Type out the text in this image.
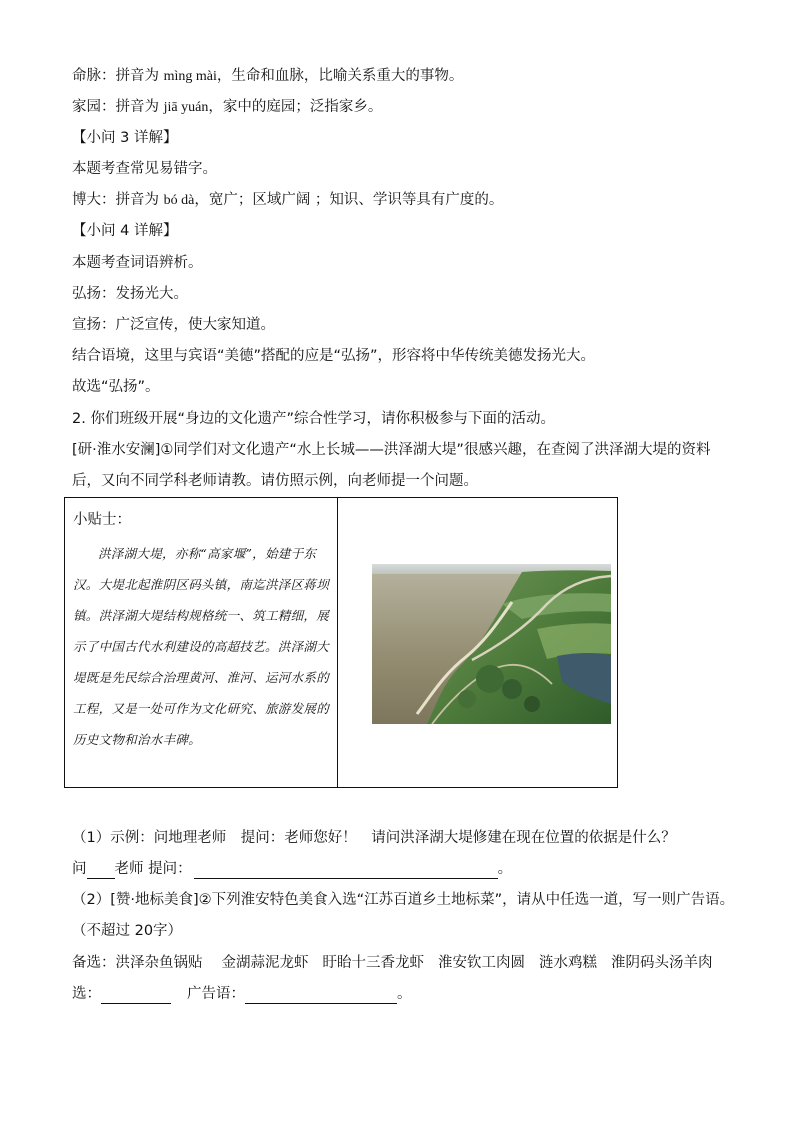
命脉：拼音为 mìng mài，生命和血脉，比喻关系重大的事物。
家园：拼音为 jiā yuán，家中的庭园；泛指家乡。
【小问 3 详解】
本题考查常见易错字。
博大：拼音为 bó dà，宽广；区域广阔 ；知识、学识等具有广度的。
【小问 4 详解】
本题考查词语辨析。
弘扬：发扬光大。
宣扬：广泛宣传，使大家知道。
结合语境，这里与宾语“美德”搭配的应是“弘扬”，形容将中华传统美德发扬光大。
故选“弘扬”。
2. 你们班级开展“身边的文化遗产”综合性学习，请你积极参与下面的活动。
[研·淮水安澜]①同学们对文化遗产“水上长城——洪泽湖大堤”很感兴趣，在查阅了洪泽湖大堤的资料
后，又向不同学科老师请教。请仿照示例，向老师提一个问题。
小贴士：
洪泽湖大堤，亦称“高家堰”，始建于东汉。大堤北起淮阴区码头镇，南迄洪泽区蒋坝镇。洪泽湖大堤结构规格统一、筑工精细，展示了中国古代水利建设的高超技艺。洪泽湖大堤既是先民综合治理黄河、淮河、运河水系的工程，又是一处可作为文化研究、旅游发展的历史文物和治水丰碑。
（1）示例：问地理老师　提问：老师您好！　请问洪泽湖大堤修建在现在位置的依据是什么？
问 老师 提问：	。
（2）[赞·地标美食]②下列淮安特色美食入选“江苏百道乡土地标菜”，请从中任选一道，写一则广告语。
（不超过 20字）
备选：洪泽杂鱼锅贴 金湖蒜泥龙虾 盱眙十三香龙虾 淮安钦工肉圆 涟水鸡糕 淮阴码头汤羊肉
选：	广告语：	。
